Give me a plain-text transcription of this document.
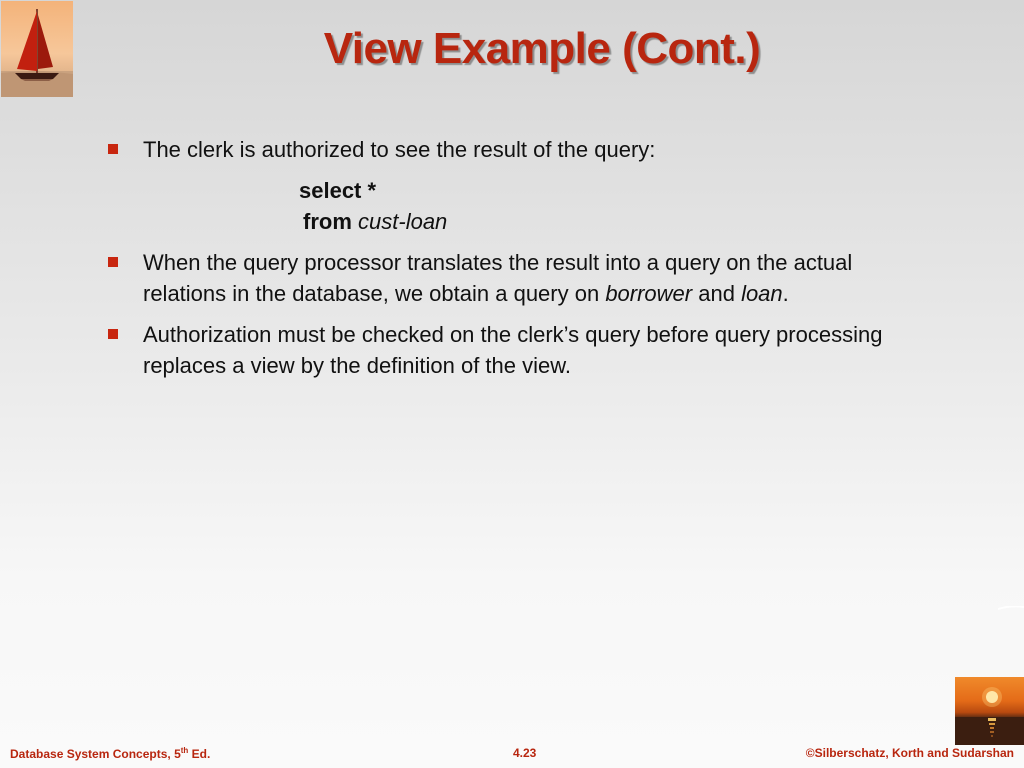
View Example (Cont.)
The clerk is authorized to see the result of the query:
select *
from cust-loan
When the query processor translates the result into a query on the actual relations in the database, we obtain a query on borrower and loan.
Authorization must be checked on the clerk’s query before query processing replaces a view by the definition of the view.
Database System Concepts, 5th Ed.	4.23	©Silberschatz, Korth and Sudarshan
